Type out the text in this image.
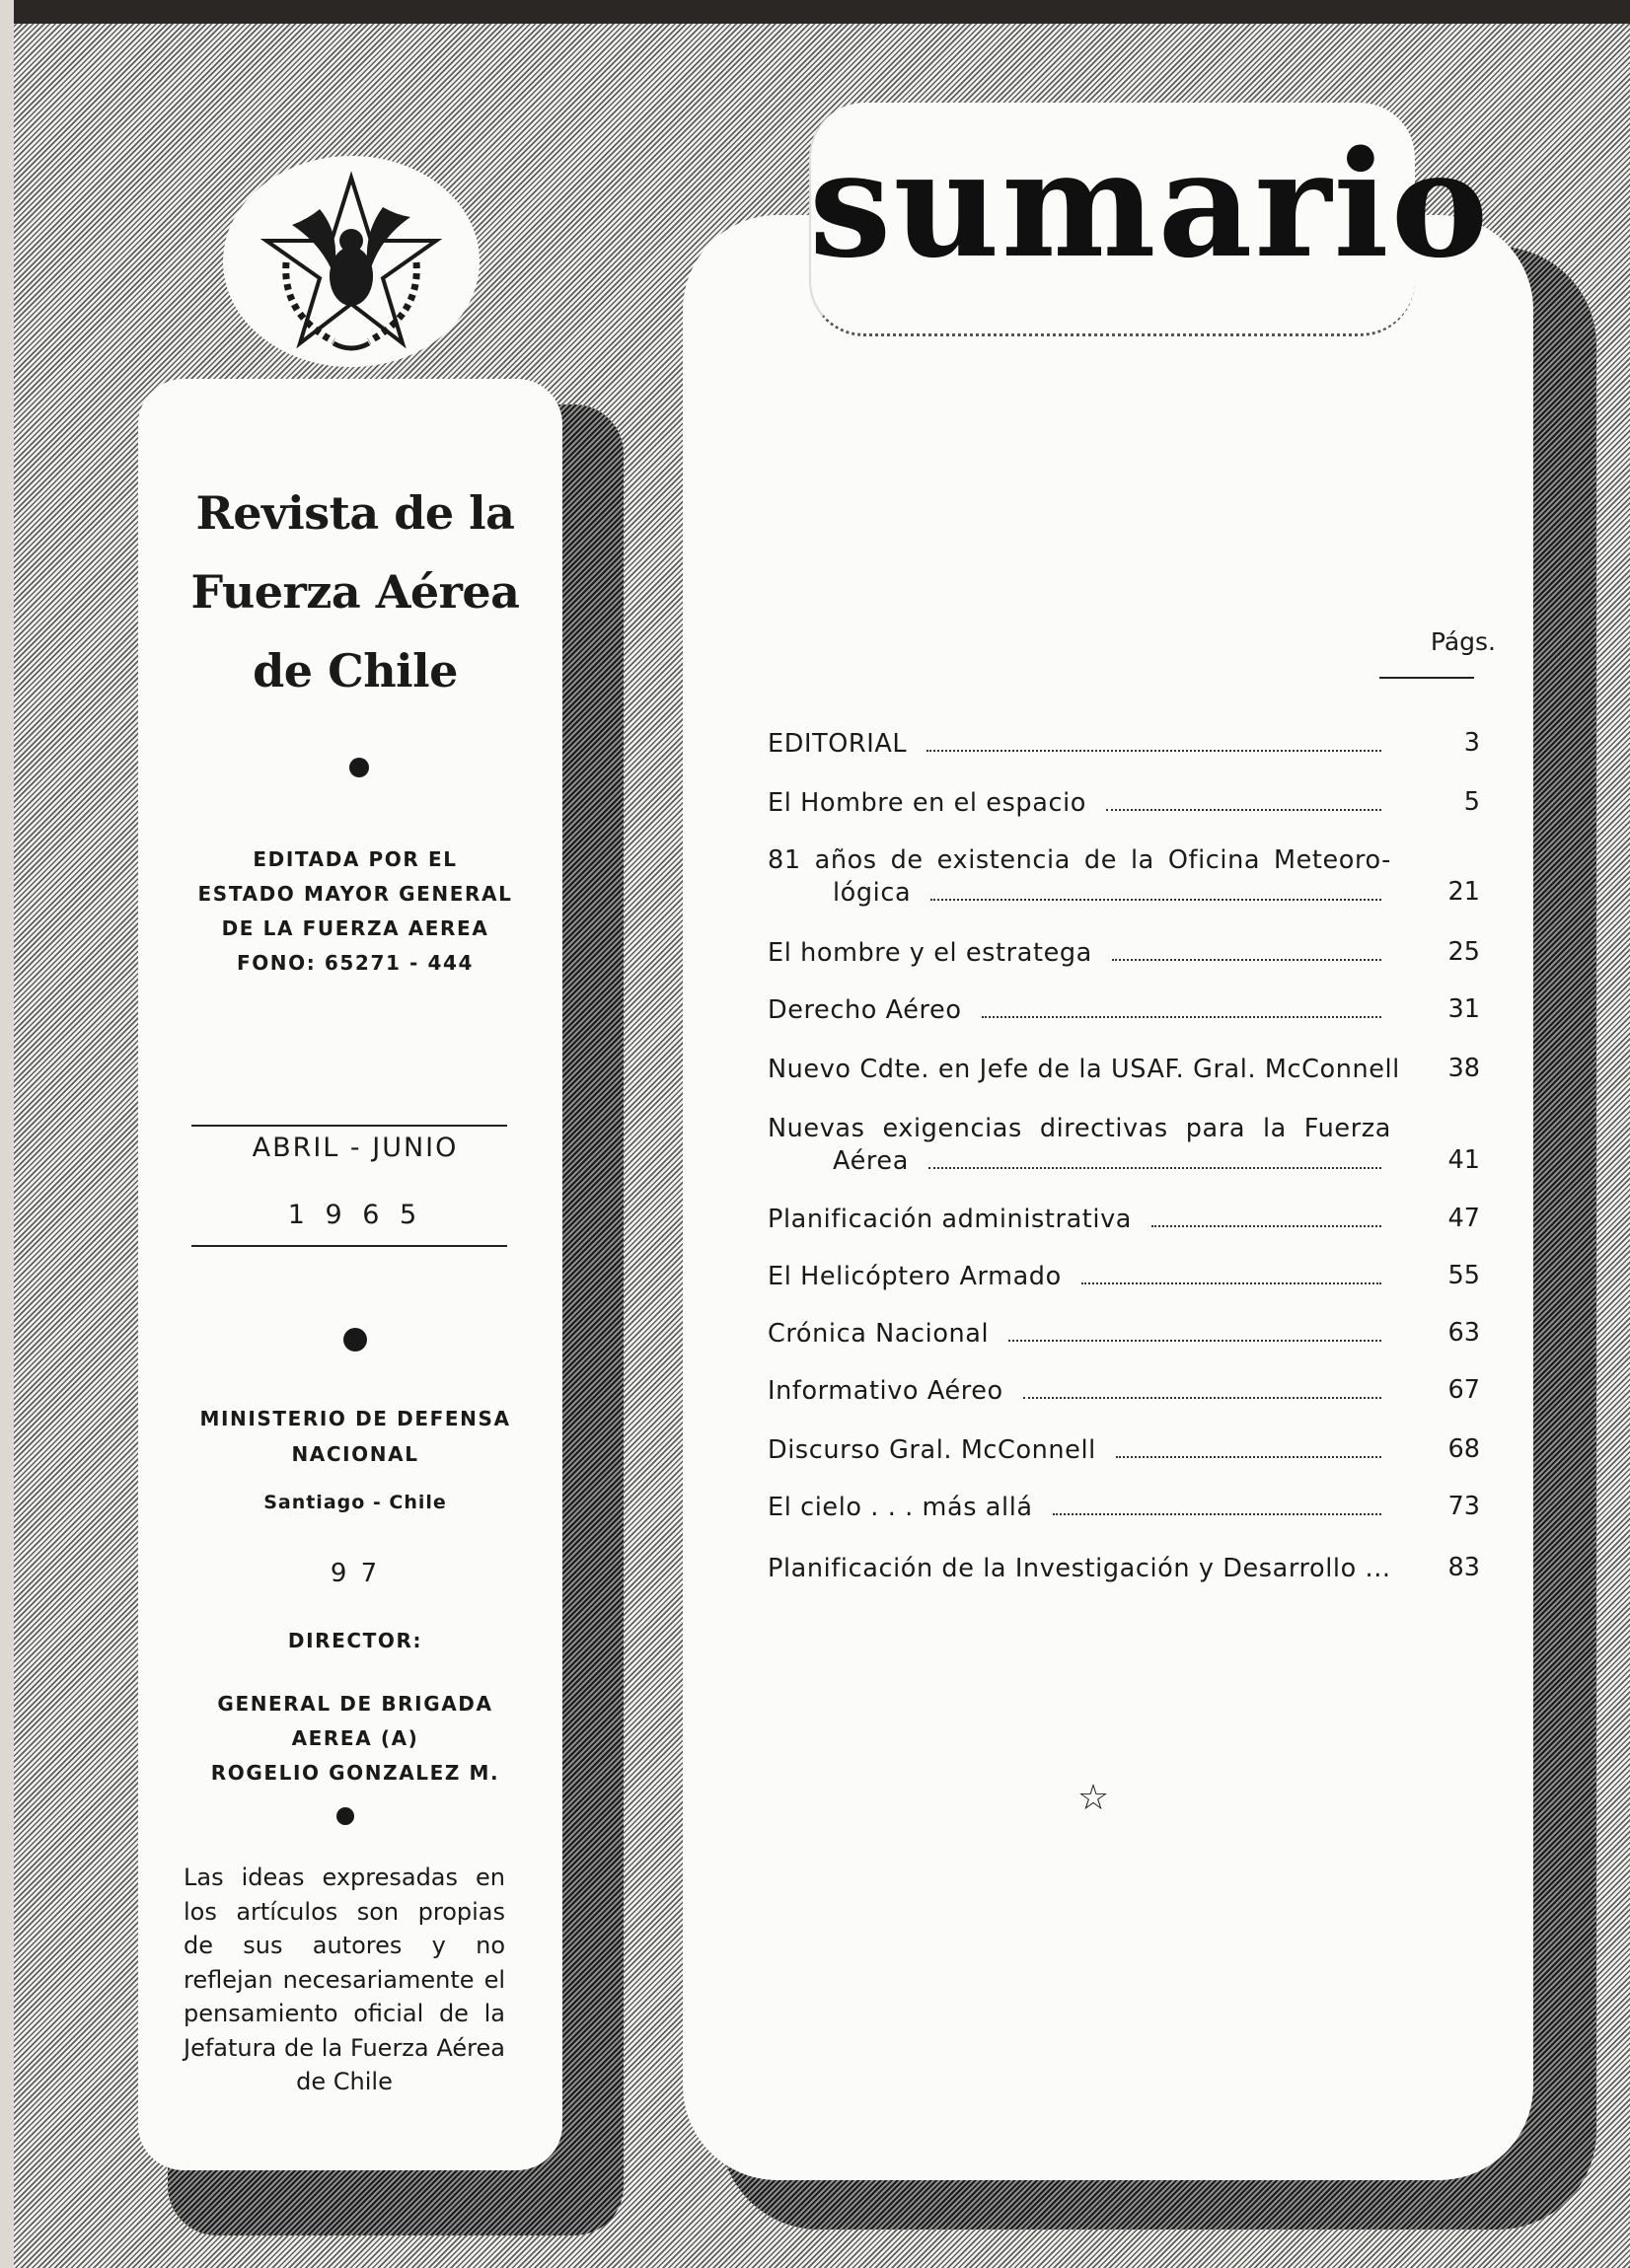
Revista de la
Fuerza Aérea
de Chile
EDITADA POR EL
ESTADO MAYOR GENERAL
DE LA FUERZA AEREA
FONO: 65271 - 444
ABRIL - JUNIO
1 9 6 5
MINISTERIO DE DEFENSA
NACIONAL
Santiago - Chile
9 7
DIRECTOR:
GENERAL DE BRIGADA
AEREA (A)
ROGELIO GONZALEZ M.
Las ideas expresadas en los artículos son propias de sus autores y no reflejan necesariamente el pensamiento oficial de la Jefatura de la Fuerza Aérea de Chile
sumario
Págs.
EDITORIAL	3
El Hombre en el espacio	5
81 años de existencia de la Oficina Meteoro-
lógica	21
El hombre y el estratega	25
Derecho Aéreo	31
Nuevo Cdte. en Jefe de la USAF. Gral. McConnell	38
Nuevas exigencias directivas para la Fuerza
Aérea	41
Planificación administrativa	47
El Helicóptero Armado	55
Crónica Nacional	63
Informativo Aéreo	67
Discurso Gral. McConnell	68
El cielo . . . más allá	73
Planificación de la Investigación y Desarrollo ...	83
☆
